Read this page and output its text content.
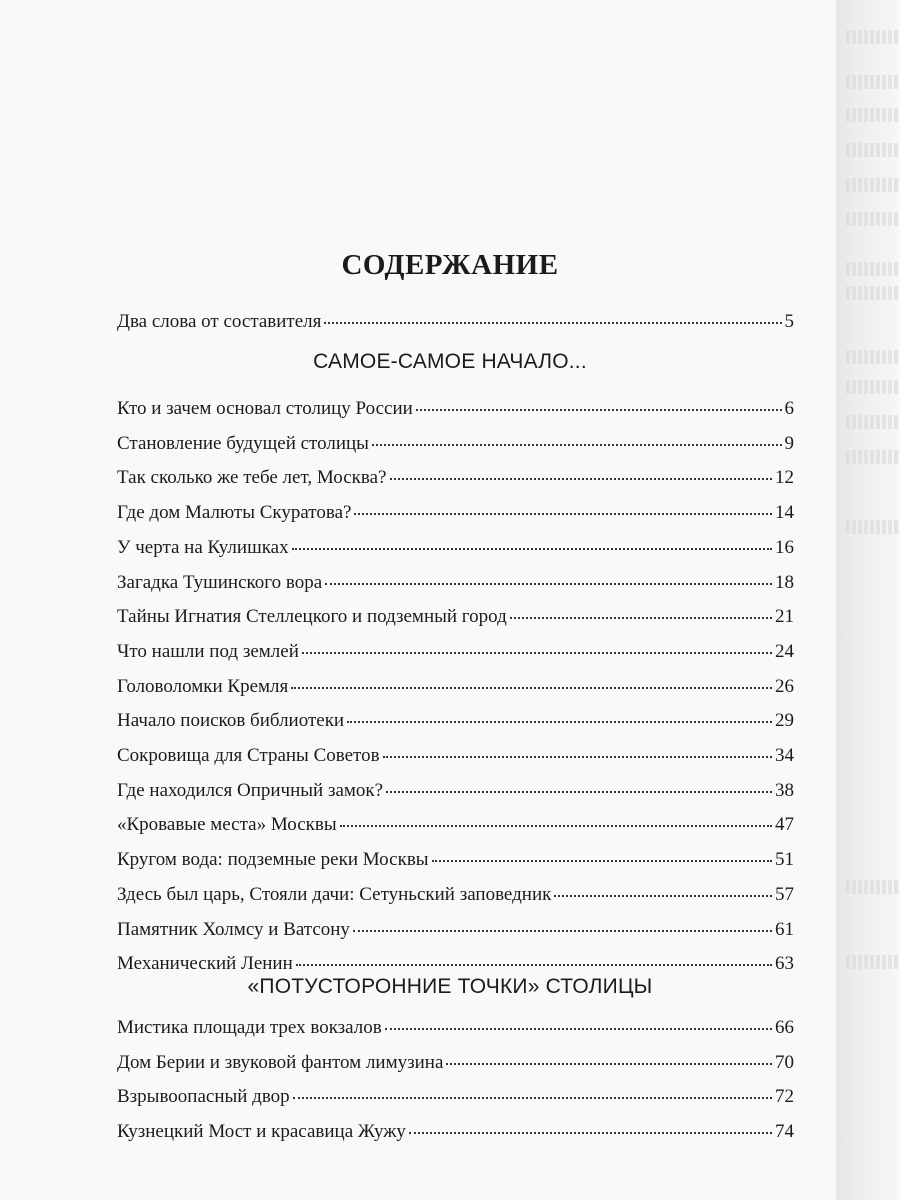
СОДЕРЖАНИЕ
Два слова от составителя	5
САМОЕ-САМОЕ НАЧАЛО...
Кто и зачем основал столицу России	6
Становление будущей столицы	9
Так сколько же тебе лет, Москва?	12
Где дом Малюты Скуратова?	14
У черта на Кулишках	16
Загадка Тушинского вора	18
Тайны Игнатия Стеллецкого и подземный город	21
Что нашли под землей	24
Головоломки Кремля	26
Начало поисков библиотеки	29
Сокровища для Страны Советов	34
Где находился Опричный замок?	38
«Кровавые места» Москвы	47
Кругом вода: подземные реки Москвы	51
Здесь был царь, Стояли дачи: Сетуньский заповедник	57
Памятник Холмсу и Ватсону	61
Механический Ленин	63
«ПОТУСТОРОННИЕ ТОЧКИ» СТОЛИЦЫ
Мистика площади трех вокзалов	66
Дом Берии и звуковой фантом лимузина	70
Взрывоопасный двор	72
Кузнецкий Мост и красавица Жужу	74
